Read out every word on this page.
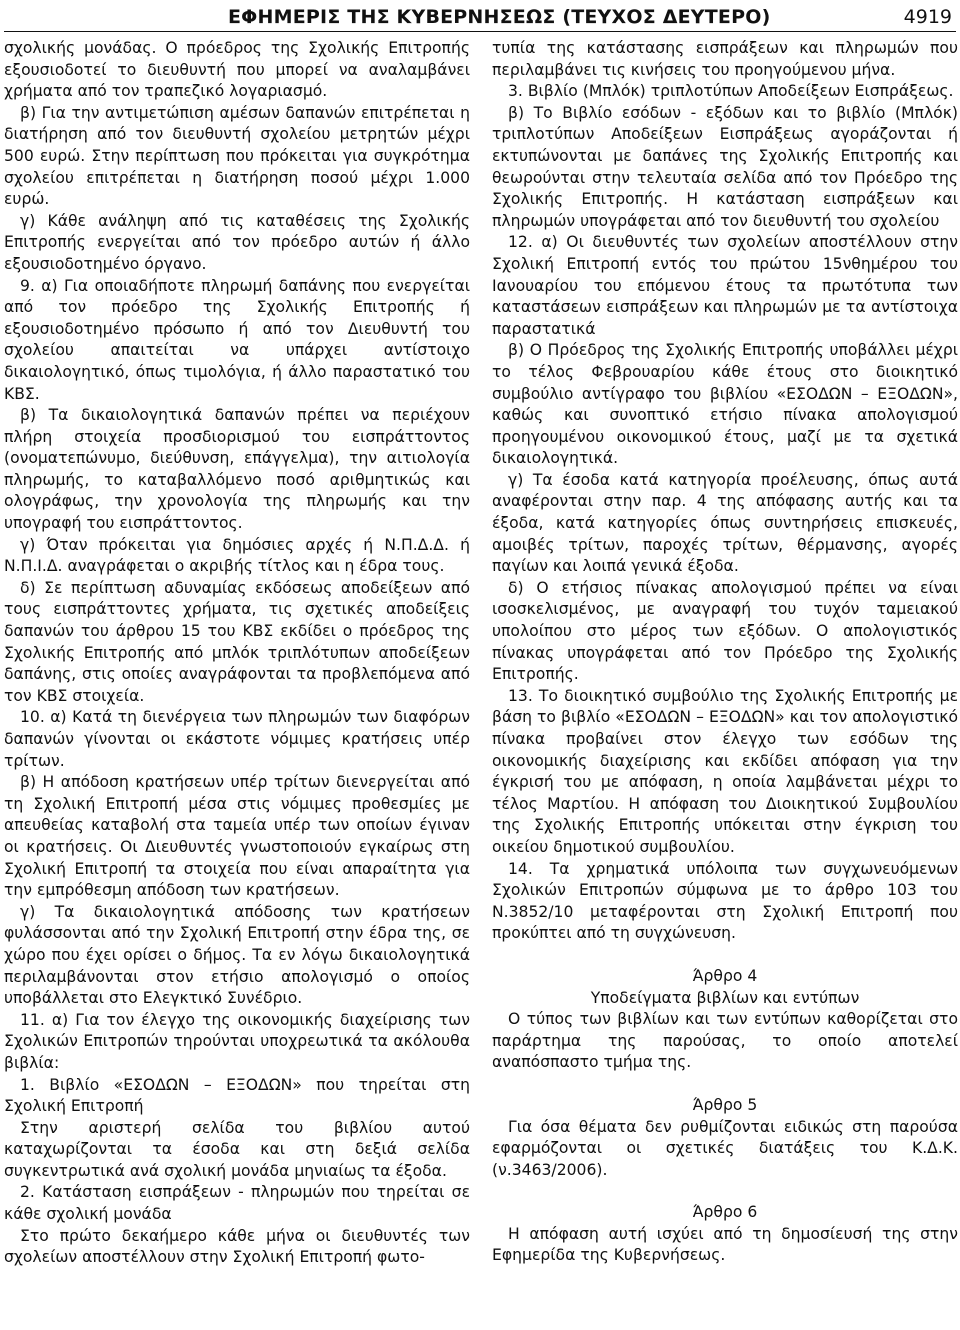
ΕΦΗΜΕΡΙΣ ΤΗΣ ΚΥΒΕΡΝΗΣΕΩΣ (ΤΕΥΧΟΣ ΔΕΥΤΕΡΟ)	4919

σχολικής μονάδας. Ο πρόεδρος της Σχολικής Επιτροπής εξουσιοδοτεί το διευθυντή που μπορεί να αναλαμβάνει χρήματα από τον τραπεζικό λογαριασμό.

β) Για την αντιμετώπιση αμέσων δαπανών επιτρέπεται η διατήρηση από τον διευθυντή σχολείου μετρητών μέχρι 500 ευρώ. Στην περίπτωση που πρόκειται για συγκρότημα σχολείου επιτρέπεται η διατήρηση ποσού μέχρι 1.000 ευρώ.

γ) Κάθε ανάληψη από τις καταθέσεις της Σχολικής Επιτροπής ενεργείται από τον πρόεδρο αυτών ή άλλο εξουσιοδοτημένο όργανο.

9. α) Για οποιαδήποτε πληρωμή δαπάνης που ενεργείται από τον πρόεδρο της Σχολικής Επιτροπής ή εξουσιοδοτημένο πρόσωπο ή από τον Διευθυντή του σχολείου απαιτείται να υπάρχει αντίστοιχο δικαιολογητικό, όπως τιμολόγια, ή άλλο παραστατικό του ΚΒΣ.

β) Τα δικαιολογητικά δαπανών πρέπει να περιέχουν πλήρη στοιχεία προσδιορισμού του εισπράττοντος (ονοματεπώνυμο, διεύθυνση, επάγγελμα), την αιτιολογία πληρωμής, το καταβαλλόμενο ποσό αριθμητικώς και ολογράφως, την χρονολογία της πληρωμής και την υπογραφή του εισπράττοντος.

γ) Όταν πρόκειται για δημόσιες αρχές ή Ν.Π.Δ.Δ. ή Ν.Π.Ι.Δ. αναγράφεται ο ακριβής τίτλος και η έδρα τους.

δ) Σε περίπτωση αδυναμίας εκδόσεως αποδείξεων από τους εισπράττοντες χρήματα, τις σχετικές αποδείξεις δαπανών του άρθρου 15 του ΚΒΣ εκδίδει ο πρόεδρος της Σχολικής Επιτροπής από μπλόκ τριπλότυπων αποδείξεων δαπάνης, στις οποίες αναγράφονται τα προβλεπόμενα από τον ΚΒΣ στοιχεία.

10. α) Κατά τη διενέργεια των πληρωμών των διαφόρων δαπανών γίνονται οι εκάστοτε νόμιμες κρατήσεις υπέρ τρίτων.

β) Η απόδοση κρατήσεων υπέρ τρίτων διενεργείται από τη Σχολική Επιτροπή μέσα στις νόμιμες προθεσμίες με απευθείας καταβολή στα ταμεία υπέρ των οποίων έγιναν οι κρατήσεις. Οι Διευθυντές γνωστοποιούν εγκαίρως στη Σχολική Επιτροπή τα στοιχεία που είναι απαραίτητα για την εμπρόθεσμη απόδοση των κρατήσεων.

γ) Τα δικαιολογητικά απόδοσης των κρατήσεων φυλάσσονται από την Σχολική Επιτροπή στην έδρα της, σε χώρο που έχει ορίσει ο δήμος. Τα εν λόγω δικαιολογητικά περιλαμβάνονται στον ετήσιο απολογισμό ο οποίος υποβάλλεται στο Ελεγκτικό Συνέδριο.

11. α) Για τον έλεγχο της οικονομικής διαχείρισης των Σχολικών Επιτροπών τηρούνται υποχρεωτικά τα ακόλουθα βιβλία:

1. Βιβλίο «ΕΣΟΔΩΝ – ΕΞΟΔΩΝ» που τηρείται στη Σχολική Επιτροπή

Στην αριστερή σελίδα του βιβλίου αυτού καταχωρίζονται τα έσοδα και στη δεξιά σελίδα συγκεντρωτικά ανά σχολική μονάδα μηνιαίως τα έξοδα.

2. Κατάσταση εισπράξεων - πληρωμών που τηρείται σε κάθε σχολική μονάδα

Στο πρώτο δεκαήμερο κάθε μήνα οι διευθυντές των σχολείων αποστέλλουν στην Σχολική Επιτροπή φωτο-

τυπία της κατάστασης εισπράξεων και πληρωμών που περιλαμβάνει τις κινήσεις του προηγούμενου μήνα.

3. Βιβλίο (Μπλόκ) τριπλοτύπων Αποδείξεων Εισπράξεως.

β) Το Βιβλίο εσόδων - εξόδων και το βιβλίο (Μπλόκ) τριπλοτύπων Αποδείξεων Εισπράξεως αγοράζονται ή εκτυπώνονται με δαπάνες της Σχολικής Επιτροπής και θεωρούνται στην τελευταία σελίδα από τον Πρόεδρο της Σχολικής Επιτροπής. Η κατάσταση εισπράξεων και πληρωμών υπογράφεται από τον διευθυντή του σχολείου

12. α) Οι διευθυντές των σχολείων αποστέλλουν στην Σχολική Επιτροπή εντός του πρώτου 15νθημέρου του Ιανουαρίου του επόμενου έτους τα πρωτότυπα των καταστάσεων εισπράξεων και πληρωμών με τα αντίστοιχα παραστατικά

β) Ο Πρόεδρος της Σχολικής Επιτροπής υποβάλλει μέχρι το τέλος Φεβρουαρίου κάθε έτους στο διοικητικό συμβούλιο αντίγραφο του βιβλίου «ΕΣΟΔΩΝ – ΕΞΟΔΩΝ», καθώς και συνοπτικό ετήσιο πίνακα απολογισμού προηγουμένου οικονομικού έτους, μαζί με τα σχετικά δικαιολογητικά.

γ) Τα έσοδα κατά κατηγορία προέλευσης, όπως αυτά αναφέρονται στην παρ. 4 της απόφασης αυτής και τα έξοδα, κατά κατηγορίες όπως συντηρήσεις επισκευές, αμοιβές τρίτων, παροχές τρίτων, θέρμανσης, αγορές παγίων και λοιπά γενικά έξοδα.

δ) Ο ετήσιος πίνακας απολογισμού πρέπει να είναι ισοσκελισμένος, με αναγραφή του τυχόν ταμειακού υπολοίπου στο μέρος των εξόδων. Ο απολογιστικός πίνακας υπογράφεται από τον Πρόεδρο της Σχολικής Επιτροπής.

13. Το διοικητικό συμβούλιο της Σχολικής Επιτροπής με βάση το βιβλίο «ΕΣΟΔΩΝ – ΕΞΟΔΩΝ» και τον απολογιστικό πίνακα προβαίνει στον έλεγχο των εσόδων της οικονομικής διαχείρισης και εκδίδει απόφαση για την έγκρισή του με απόφαση, η οποία λαμβάνεται μέχρι το τέλος Μαρτίου. Η απόφαση του Διοικητικού Συμβουλίου της Σχολικής Επιτροπής υπόκειται στην έγκριση του οικείου δημοτικού συμβουλίου.

14. Τα χρηματικά υπόλοιπα των συγχωνευόμενων Σχολικών Επιτροπών σύμφωνα με το άρθρο 103 του Ν.3852/10 μεταφέρονται στη Σχολική Επιτροπή που προκύπτει από τη συγχώνευση.

Άρθρο 4

Υποδείγματα βιβλίων και εντύπων

Ο τύπος των βιβλίων και των εντύπων καθορίζεται στο παράρτημα της παρούσας, το οποίο αποτελεί αναπόσπαστο τμήμα της.

Άρθρο 5

Για όσα θέματα δεν ρυθμίζονται ειδικώς στη παρούσα εφαρμόζονται οι σχετικές διατάξεις του Κ.Δ.Κ. (ν.3463/2006).

Άρθρο 6

Η απόφαση αυτή ισχύει από τη δημοσίευσή της στην Εφημερίδα της Κυβερνήσεως.
